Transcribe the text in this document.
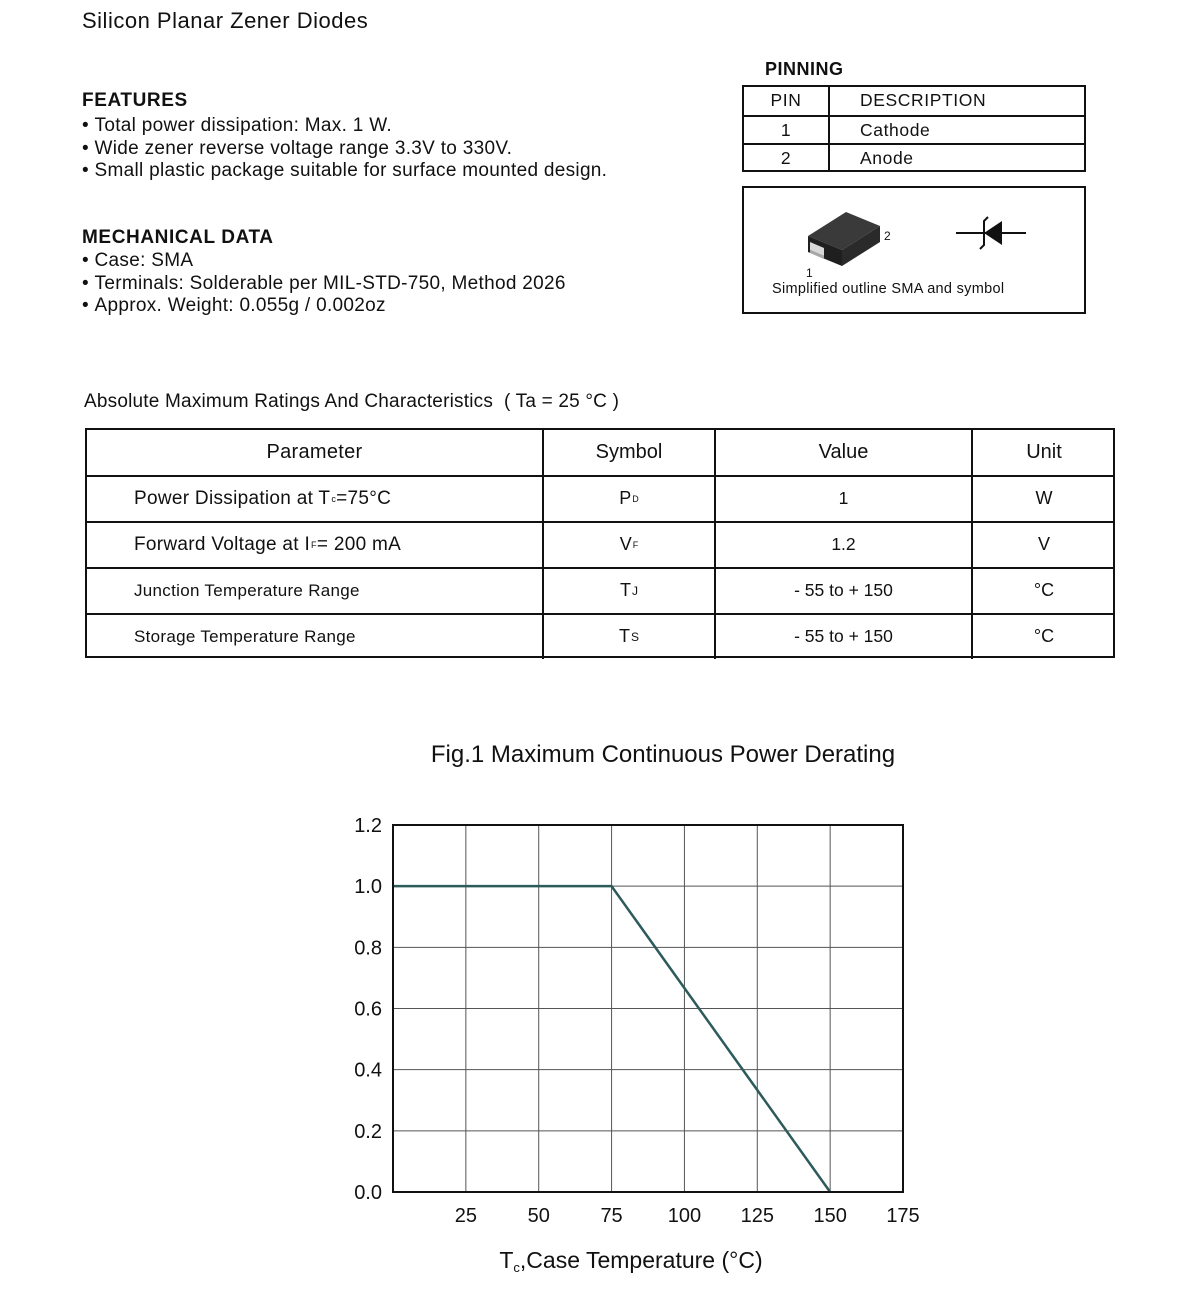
Silicon Planar Zener Diodes
FEATURES
• Total power dissipation: Max. 1 W.
• Wide zener reverse voltage range 3.3V to 330V.
• Small plastic package suitable for surface mounted design.
MECHANICAL DATA
• Case: SMA
• Terminals: Solderable per MIL-STD-750, Method 2026
• Approx. Weight: 0.055g / 0.002oz
PINNING
PIN	DESCRIPTION
1	Cathode
2	Anode
1
2
Simplified outline SMA and symbol
Absolute Maximum Ratings And Characteristics ( Ta = 25 °C )
Parameter	Symbol	Value	Unit
Power Dissipation at T c =75°C	P D	1	W
Forward Voltage at I F = 200 mA	V F	1.2	V
Junction Temperature Range	T J	- 55 to + 150	°C
Storage Temperature Range	T S	- 55 to + 150	°C
Fig.1 Maximum Continuous Power Derating
0.0
0.2
0.4
0.6
0.8
1.0
1.2
25	50	75 100 125 150 175
Tc,Case Temperature (°C)
